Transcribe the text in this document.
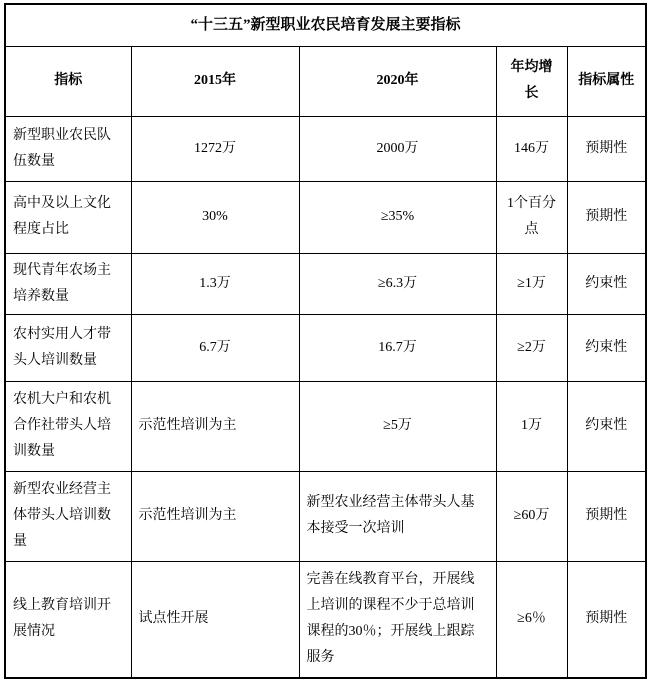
“十三五”新型职业农民培育发展主要指标				
指标	2015年	2020年	年均增长	指标属性
新型职业农民队伍数量	1272万	2000万	146万	预期性
高中及以上文化程度占比	30%	≥35%	1个百分点	预期性
现代青年农场主培养数量	1.3万	≥6.3万	≥1万	约束性
农村实用人才带头人培训数量	6.7万	16.7万	≥2万	约束性
农机大户和农机合作社带头人培训数量	示范性培训为主	≥5万	1万	约束性
新型农业经营主体带头人培训数量	示范性培训为主	新型农业经营主体带头人基本接受一次培训	≥60万	预期性
线上教育培训开展情况	试点性开展	完善在线教育平台，开展线上培训的课程不少于总培训课程的30％；开展线上跟踪服务	≥6％	预期性
